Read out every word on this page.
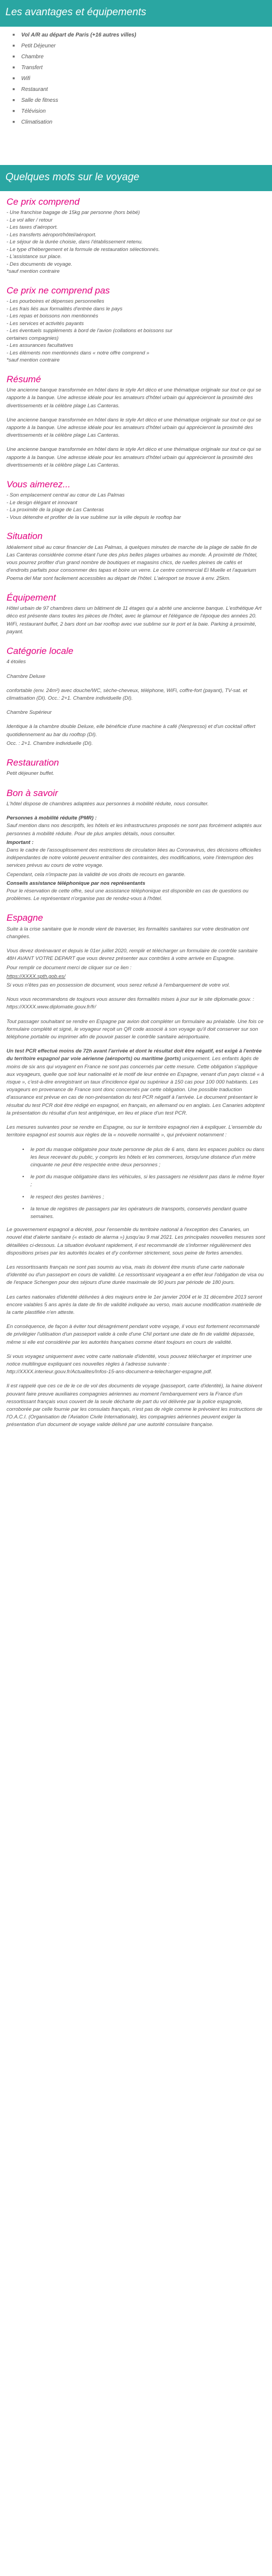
Les avantages et équipements
■ Vol A/R au départ de Paris (+16 autres villes)
■ Petit Déjeuner
■ Chambre
■ Transfert
■ Wifi
■ Restaurant
■ Salle de fitness
■ Télévision
■ Climatisation
Quelques mots sur le voyage
Ce prix comprend
- Une franchise bagage de 15kg par personne (hors bébé)
- Le vol aller / retour
- Les taxes d'aéroport.
- Les transferts aéroport/hôtel/aéroport.
- Le séjour de la durée choisie, dans l'établissement retenu.
- Le type d'hébergement et la formule de restauration sélectionnés.
- L'assistance sur place.
- Des documents de voyage.
*sauf mention contraire
Ce prix ne comprend pas
- Les pourboires et dépenses personnelles
- Les frais liés aux formalités d'entrée dans le pays
- Les repas et boissons non mentionnés
- Les services et activités payants
- Les éventuels suppléments à bord de l'avion (collations et boissons sur
certaines compagnies)
- Les assurances facultatives
- Les éléments non mentionnés dans « notre offre comprend »
*sauf mention contraire
Résumé

Une ancienne banque transformée en hôtel dans le style Art déco et une thématique originale sur tout ce qui se rapporte à la banque. Une adresse idéale pour les amateurs d'hôtel urbain qui apprécieront la proximité des divertissements et la célèbre plage Las Canteras.

Une ancienne banque transformée en hôtel dans le style Art déco et une thématique originale sur tout ce qui se rapporte à la banque. Une adresse idéale pour les amateurs d'hôtel urbain qui apprécieront la proximité des divertissements et la célèbre plage Las Canteras.

Une ancienne banque transformée en hôtel dans le style Art déco et une thématique originale sur tout ce qui se rapporte à la banque. Une adresse idéale pour les amateurs d'hôtel urbain qui apprécieront la proximité des divertissements et la célèbre plage Las Canteras.

Vous aimerez...
- Son emplacement central au cœur de Las Palmas
- Le design élégant et innovant
- La proximité de la plage de Las Canteras
- Vous détendre et profiter de la vue sublime sur la ville depuis le rooftop bar
Situation

Idéalement situé au cœur financier de Las Palmas, à quelques minutes de marche de la plage de sable fin de Las Canteras considérée comme étant l'une des plus belles plages urbaines au monde. À proximité de l'hôtel, vous pourrez profiter d'un grand nombre de boutiques et magasins chics, de ruelles pleines de cafés et d'endroits parfaits pour consommer des tapas et boire un verre. Le centre commercial El Muelle et l'aquarium Poema del Mar sont facilement accessibles au départ de l'hôtel. L'aéroport se trouve à env. 25km.

Équipement

Hôtel urbain de 97 chambres dans un bâtiment de 11 étages qui a abrité une ancienne banque. L'esthétique Art déco est présente dans toutes les pièces de l'hôtel, avec le glamour et l'élégance de l'époque des années 20. WiFi, restaurant buffet, 2 bars dont un bar rooftop avec vue sublime sur le port et la baie. Parking à proximité, payant.

Catégorie locale

4 étoiles

Chambre Deluxe

confortable (env. 24m²) avec douche/WC, sèche-cheveux, téléphone, WiFi, coffre-fort (payant), TV-sat. et climatisation (DI). Occ.: 2+1. Chambre individuelle (DI).

Chambre Supérieur

Identique à la chambre double Deluxe, elle bénéficie d'une machine à café (Nespresso) et d'un cocktail offert quotidiennement au bar du rooftop (DI).

Occ. : 2+1. Chambre individuelle (DI).

Restauration

Petit déjeuner buffet.

Bon à savoir

L'hôtel dispose de chambres adaptées aux personnes à mobilité réduite, nous consulter.

Personnes à mobilité réduite (PMR) :

Sauf mention dans nos descriptifs, les hôtels et les infrastructures proposés ne sont pas forcément adaptés aux personnes à mobilité réduite. Pour de plus amples détails, nous consulter.

Important :

Dans le cadre de l'assouplissement des restrictions de circulation liées au Coronavirus, des décisions officielles indépendantes de notre volonté peuvent entraîner des contraintes, des modifications, voire l'interruption des services prévus au cours de votre voyage.

Cependant, cela n'impacte pas la validité de vos droits de recours en garantie.

Conseils assistance téléphonique par nos représentants

Pour le réservation de cette offre, seul une assistance téléphonique est disponible en cas de questions ou problèmes. Le représentant n'organise pas de rendez-vous à l'hôtel.

Espagne

Suite à la crise sanitaire que le monde vient de traverser, les formalités sanitaires sur votre destination ont changées.

Vous devez dorénavant et depuis le 01er juillet 2020, remplir et télécharger un formulaire de contrôle sanitaire 48H AVANT VOTRE DEPART que vous devrez présenter aux contrôles à votre arrivée en Espagne.

Pour remplir ce document merci de cliquer sur ce lien :

https://XXXX.spth.gob.es/

Si vous n'êtes pas en possession de document, vous serez refusé à l'embarquement de votre vol.

Nous vous recommandons de toujours vous assurer des formalités mises à jour sur le site diplomatie.gouv. : https://XXXX.www.diplomatie.gouv.fr/fr/

Tout passager souhaitant se rendre en Espagne par avion doit compléter un formulaire au préalable. Une fois ce formulaire complété et signé, le voyageur reçoit un QR code associé à son voyage qu'il doit conserver sur son téléphone portable ou imprimer afin de pouvoir passer le contrôle sanitaire aéroportuaire.

Un test PCR effectué moins de 72h avant l'arrivée et dont le résultat doit être négatif, est exigé à l'entrée du territoire espagnol par voie aérienne (aéroports) ou maritime (ports) uniquement. Les enfants âgés de moins de six ans qui voyagent en France ne sont pas concernés par cette mesure. Cette obligation s'applique aux voyageurs, quelle que soit leur nationalité et le motif de leur entrée en Espagne, venant d'un pays classé « à risque », c'est-à-dire enregistrant un taux d'incidence égal ou supérieur à 150 cas pour 100 000 habitants. Les voyageurs en provenance de France sont donc concernés par cette obligation. Une possible traduction d'assurance est prévue en cas de non-présentation du test PCR négatif à l'arrivée. Le document présentant le résultat du test PCR doit être rédigé en espagnol, en français, en allemand ou en anglais. Les Canaries adoptent la présentation du résultat d'un test antigénique, en lieu et place d'un test PCR.

Les mesures suivantes pour se rendre en Espagne, ou sur le territoire espagnol rien à expliquer. L'ensemble du territoire espagnol est soumis aux règles de la « nouvelle normalité », qui prévoient notamment :

• le port du masque obligatoire pour toute personne de plus de 6 ans, dans les espaces publics ou dans les lieux recevant du public, y compris les hôtels et les commerces, lorsqu'une distance d'un mètre cinquante ne peut être respectée entre deux personnes ;
• le port du masque obligatoire dans les véhicules, si les passagers ne résident pas dans le même foyer ;
• le respect des gestes barrières ;
• la tenue de registres de passagers par les opérateurs de transports, conservés pendant quatre semaines.

Le gouvernement espagnol a décrété, pour l'ensemble du territoire national à l'exception des Canaries, un nouvel état d'alerte sanitaire (« estado de alarma ») jusqu'au 9 mai 2021. Les principales nouvelles mesures sont détaillées ci-dessous. La situation évoluant rapidement, il est recommandé de s'informer régulièrement des dispositions prises par les autorités locales et d'y conformer strictement, sous peine de fortes amendes.

Les ressortissants français ne sont pas soumis au visa, mais ils doivent être munis d'une carte nationale d'identité ou d'un passeport en cours de validité. Le ressortissant voyageant a en effet leur l'obligation de visa ou de l'espace Schengen pour des séjours d'une durée maximale de 90 jours par période de 180 jours.

Les cartes nationales d'identité délivrées à des majeurs entre le 1er janvier 2004 et le 31 décembre 2013 seront encore valables 5 ans après la date de fin de validité indiquée au verso, mais aucune modification matérielle de la carte plastifiée n'en atteste.

En conséquence, de façon à éviter tout désagrément pendant votre voyage, il vous est fortement recommandé de privilégier l'utilisation d'un passeport valide à celle d'une CNI portant une date de fin de validité dépassée, même si elle est considérée par les autorités françaises comme étant toujours en cours de validité.

Si vous voyagez uniquement avec votre carte nationale d'identité, vous pouvez télécharger et imprimer une notice multilingue expliquant ces nouvelles règles à l'adresse suivante : http://XXXX.interieur.gouv.fr/Actualites/Infos-15-ans-document-a-telecharger-espagne.pdf.

Il est rappelé que ces ce de le ce de vol des documents de voyage (passeport, carte d'identité), la haine doivent pouvant faire preuve auxiliaires compagnies aériennes au moment l'embarquement vers la France d'un ressortissant français vous couvert de la seule décharte de part du vol délivrée par la police espagnole, corroborée par celle fournie par les consulats français, n'est pas de règle comme le prévoient les instructions de l'O.A.C.I. (Organisation de l'Aviation Civile Internationale), les compagnies aériennes peuvent exiger la présentation d'un document de voyage valide délivré par une autorité consulaire française.
